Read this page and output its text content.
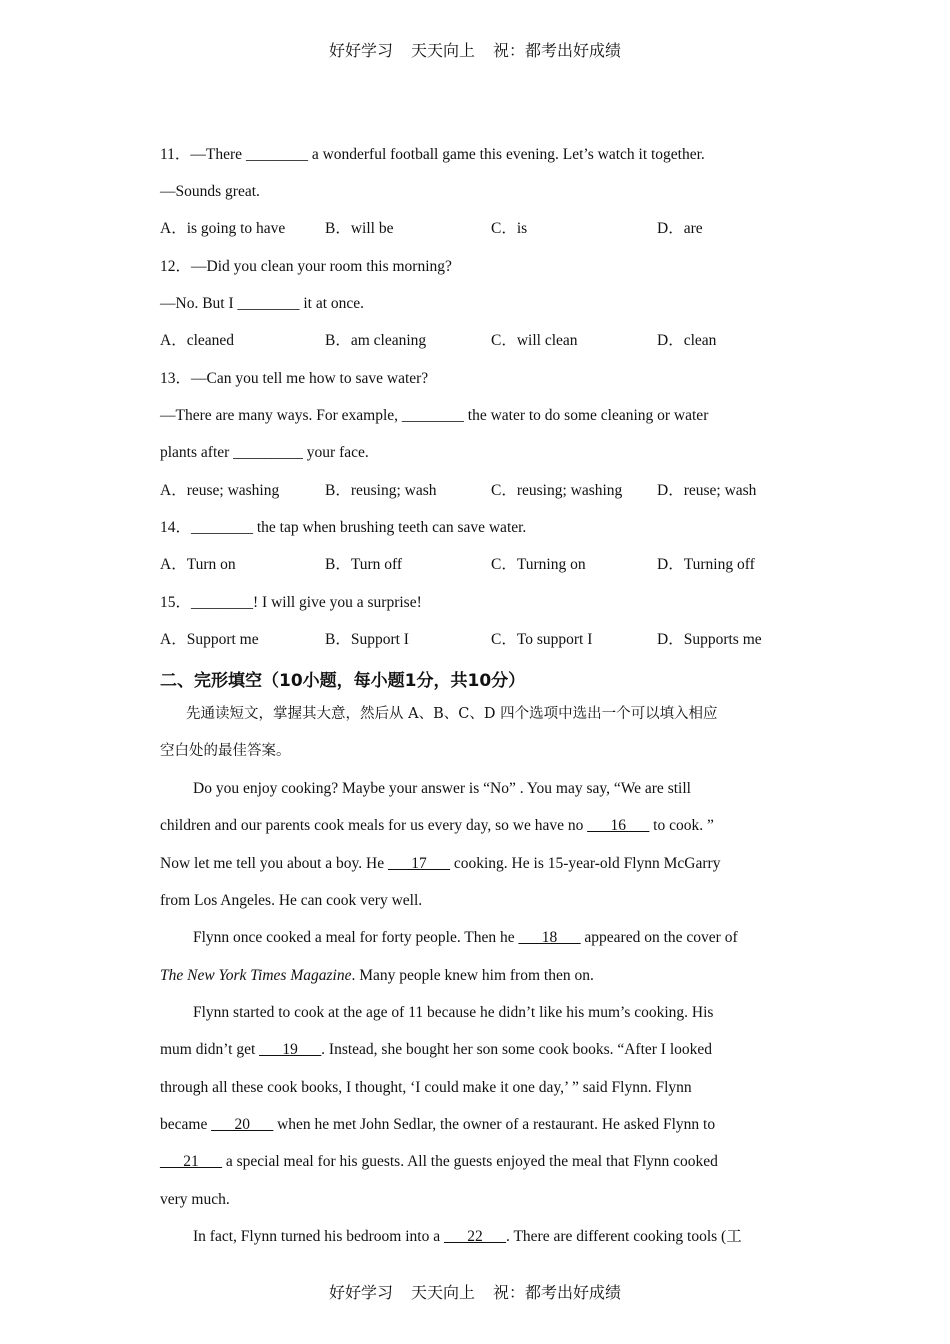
好好学习 天天向上 祝：都考出好成绩
11．—There ________ a wonderful football game this evening. Let’s watch it together.
—Sounds great.
A．is going to have	B．will be	C．is	D．are
12．—Did you clean your room this morning?
—No. But I ________ it at once.
A．cleaned	B．am cleaning	C．will clean	D．clean
13．—Can you tell me how to save water?
—There are many ways. For example, ________ the water to do some cleaning or water
plants after _________ your face.
A．reuse; washing	B．reusing; wash	C．reusing; washing D．reuse; wash
14．________ the tap when brushing teeth can save water.
A．Turn on	B．Turn off	C．Turning on	D．Turning off
15．________! I will give you a surprise!
A．Support me	B．Support I	C．To support I	D．Supports me
二、完形填空（10小题，每小题1分，共10分）
先通读短文，掌握其大意，然后从 A、B、C、D 四个选项中选出一个可以填入相应
空白处的最佳答案。
Do you enjoy cooking? Maybe your answer is “No” . You may say, “We are still
children and our parents cook meals for us every day, so we have no ___16___ to cook. ”
Now let me tell you about a boy. He ___17___ cooking. He is 15-year-old Flynn McGarry
from Los Angeles. He can cook very well.
Flynn once cooked a meal for forty people. Then he ___18___ appeared on the cover of
The New York Times Magazine. Many people knew him from then on.
Flynn started to cook at the age of 11 because he didn’t like his mum’s cooking. His
mum didn’t get ___19___. Instead, she bought her son some cook books. “After I looked
through all these cook books, I thought, ‘I could make it one day,’ ” said Flynn. Flynn
became ___20___ when he met John Sedlar, the owner of a restaurant. He asked Flynn to
___21___ a special meal for his guests. All the guests enjoyed the meal that Flynn cooked
very much.
In fact, Flynn turned his bedroom into a ___22___. There are different cooking tools (工
好好学习 天天向上 祝：都考出好成绩
